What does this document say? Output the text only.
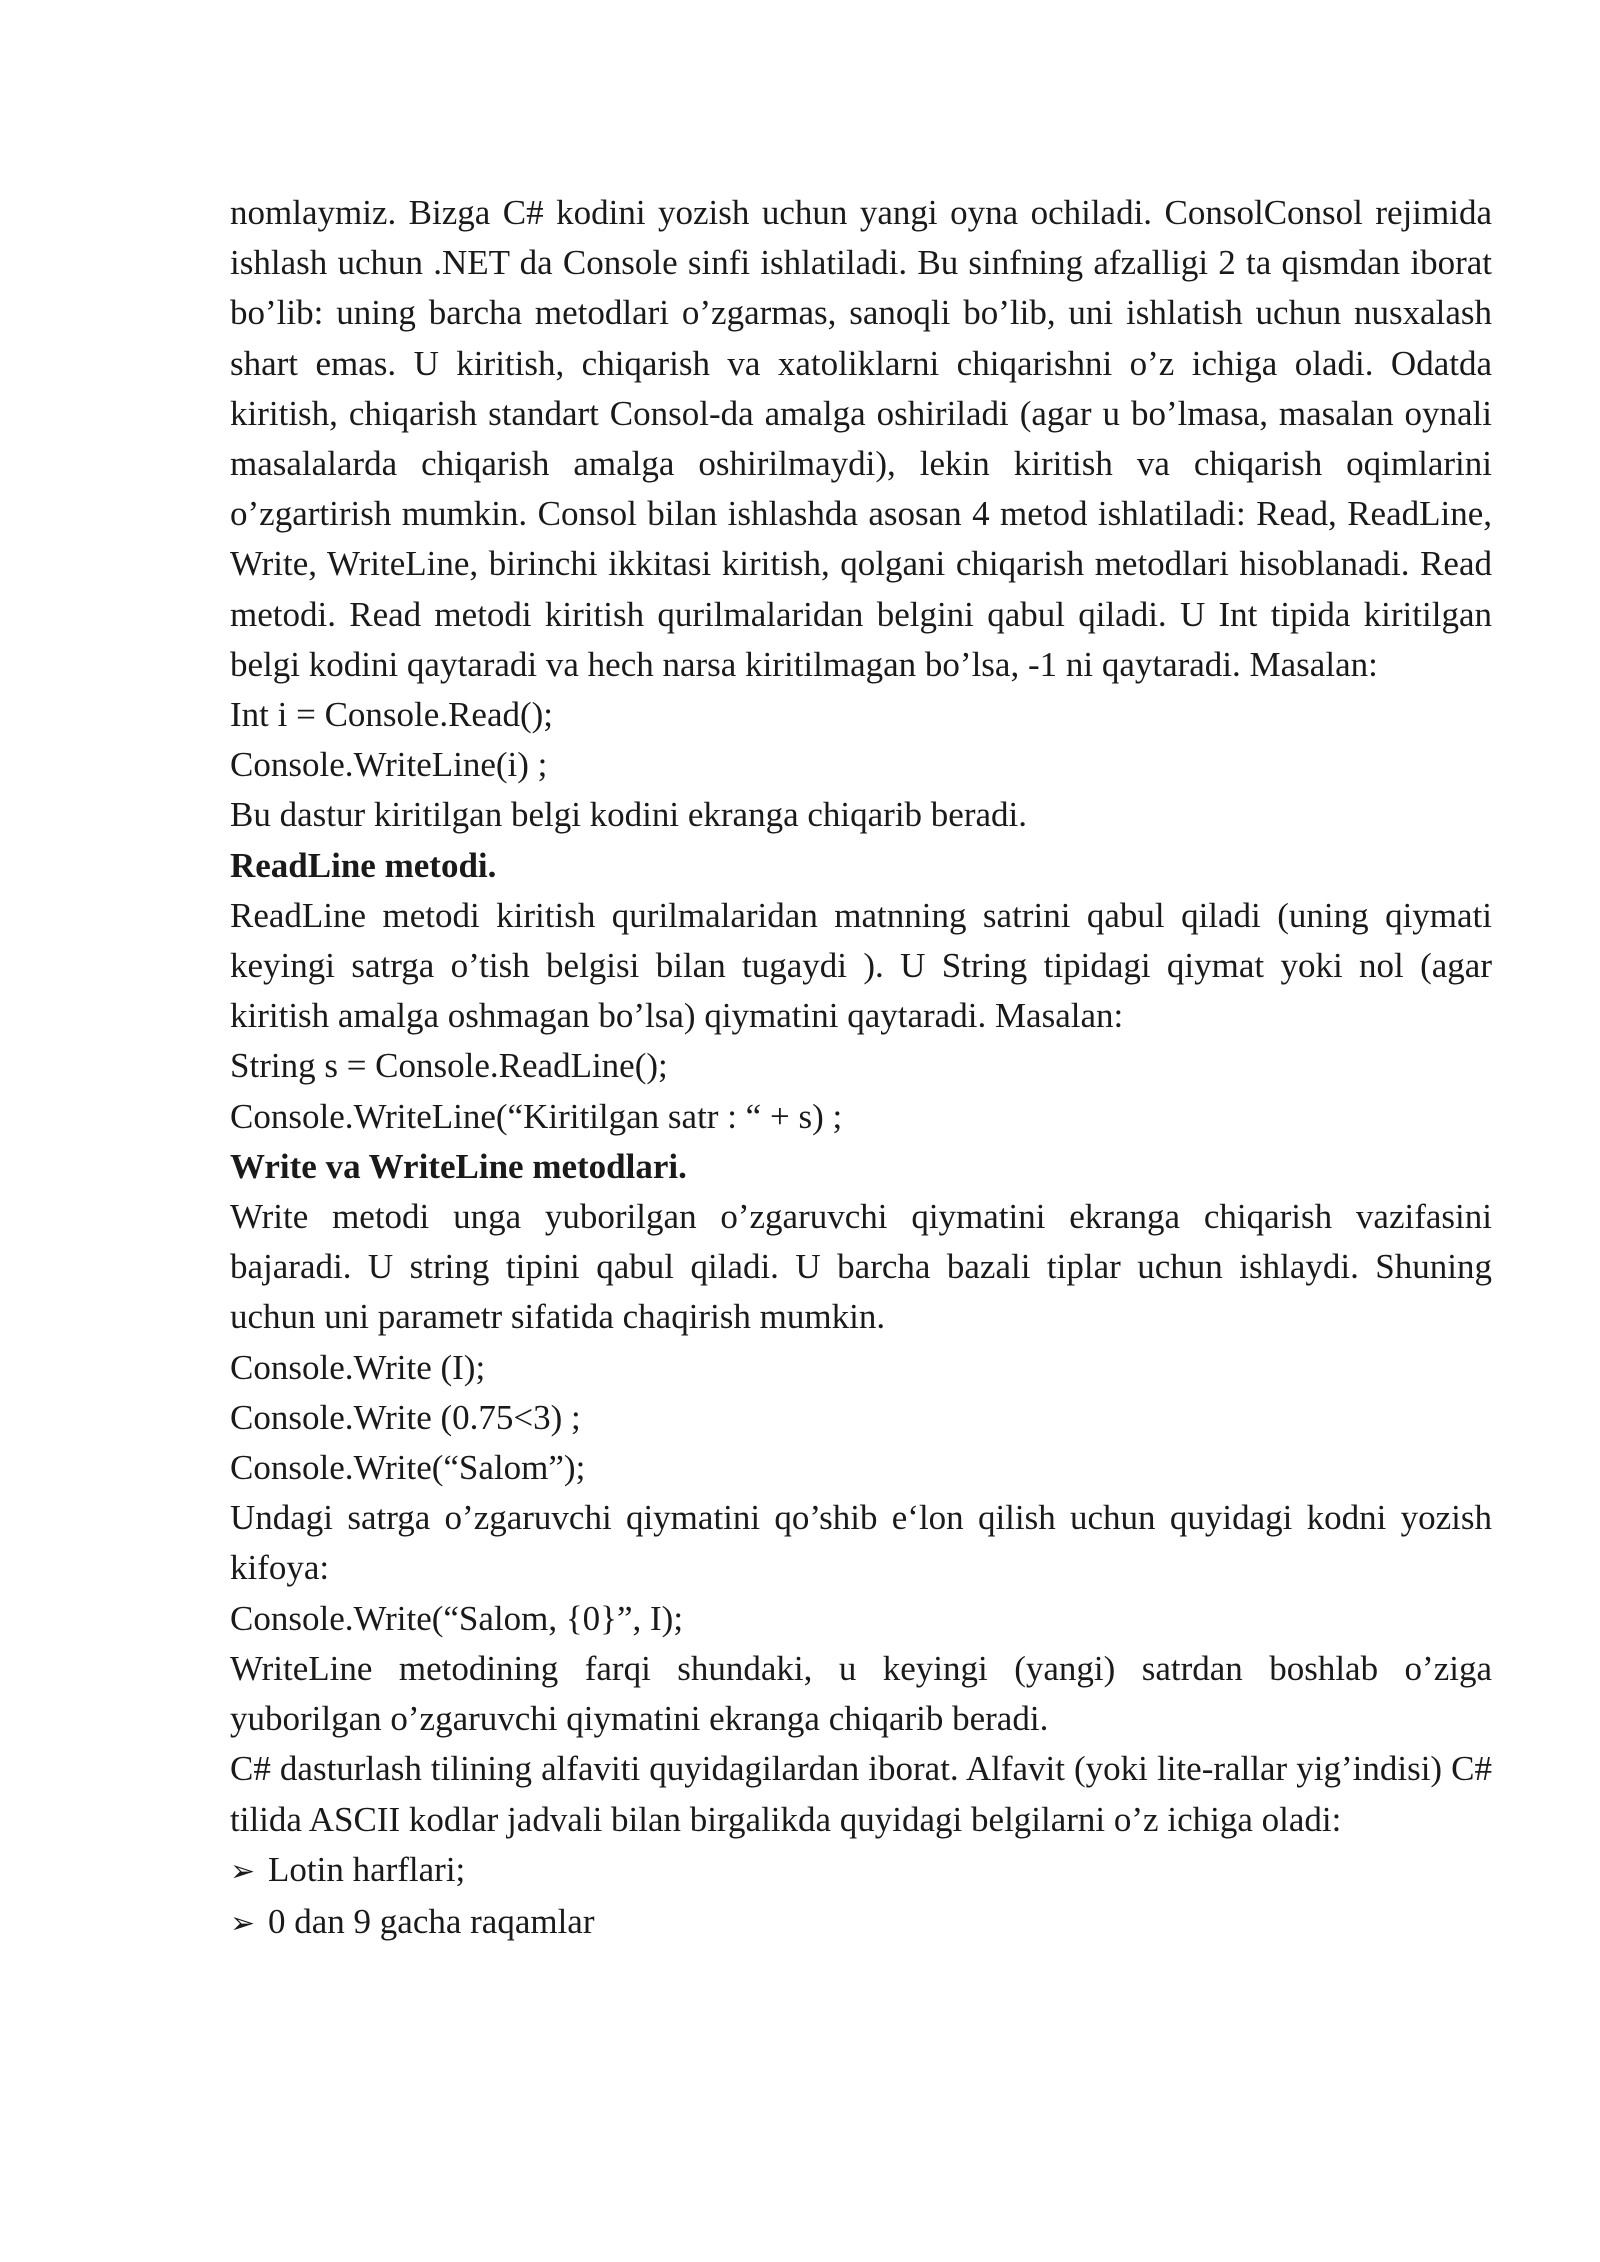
nomlaymiz. Bizga C# kodini yozish uchun yangi oyna ochiladi. ConsolConsol rejimida ishlash uchun .NET da Console sinfi ishlatiladi. Bu sinfning afzalligi 2 ta qismdan iborat bo’lib: uning barcha metodlari o’zgarmas, sanoqli bo’lib, uni ishlatish uchun nusxalash shart emas. U kiritish, chiqarish va xatoliklarni chiqarishni o’z ichiga oladi. Odatda kiritish, chiqarish standart Consol-da amalga oshiriladi (agar u bo’lmasa, masalan oynali masalalarda chiqarish amalga oshirilmaydi), lekin kiritish va chiqarish oqimlarini o’zgartirish mumkin. Consol bilan ishlashda asosan 4 metod ishlatiladi: Read, ReadLine, Write, WriteLine, birinchi ikkitasi kiritish, qolgani chiqarish metodlari hisoblanadi. Read metodi. Read metodi kiritish qurilmalaridan belgini qabul qiladi. U Int tipida kiritilgan belgi kodini qaytaradi va hech narsa kiritilmagan bo’lsa, -1 ni qaytaradi. Masalan:

Int i = Console.Read();

Console.WriteLine(i) ;

Bu dastur kiritilgan belgi kodini ekranga chiqarib beradi.

ReadLine metodi.

ReadLine metodi kiritish qurilmalaridan matnning satrini qabul qiladi (uning qiymati keyingi satrga o’tish belgisi bilan tugaydi ). U String tipidagi qiymat yoki nol (agar kiritish amalga oshmagan bo’lsa) qiymatini qaytaradi. Masalan:

String s = Console.ReadLine();

Console.WriteLine(“Kiritilgan satr : “ + s) ;

Write va WriteLine metodlari.

Write metodi unga yuborilgan o’zgaruvchi qiymatini ekranga chiqarish vazifasini bajaradi. U string tipini qabul qiladi. U barcha bazali tiplar uchun ishlaydi. Shuning uchun uni parametr sifatida chaqirish mumkin.

Console.Write (I);

Console.Write (0.75<3) ;

Console.Write(“Salom”);

Undagi satrga o’zgaruvchi qiymatini qo’shib e‘lon qilish uchun quyidagi kodni yozish kifoya:

Console.Write(“Salom, {0}”, I);

WriteLine metodining farqi shundaki, u keyingi (yangi) satrdan boshlab o’ziga yuborilgan o’zgaruvchi qiymatini ekranga chiqarib beradi.

C# dasturlash tilining alfaviti quyidagilardan iborat. Alfavit (yoki lite-rallar yig’indisi) C# tilida ASCII kodlar jadvali bilan birgalikda quyidagi belgilarni o’z ichiga oladi:

➢ Lotin harflari;

➢ 0 dan 9 gacha raqamlar
